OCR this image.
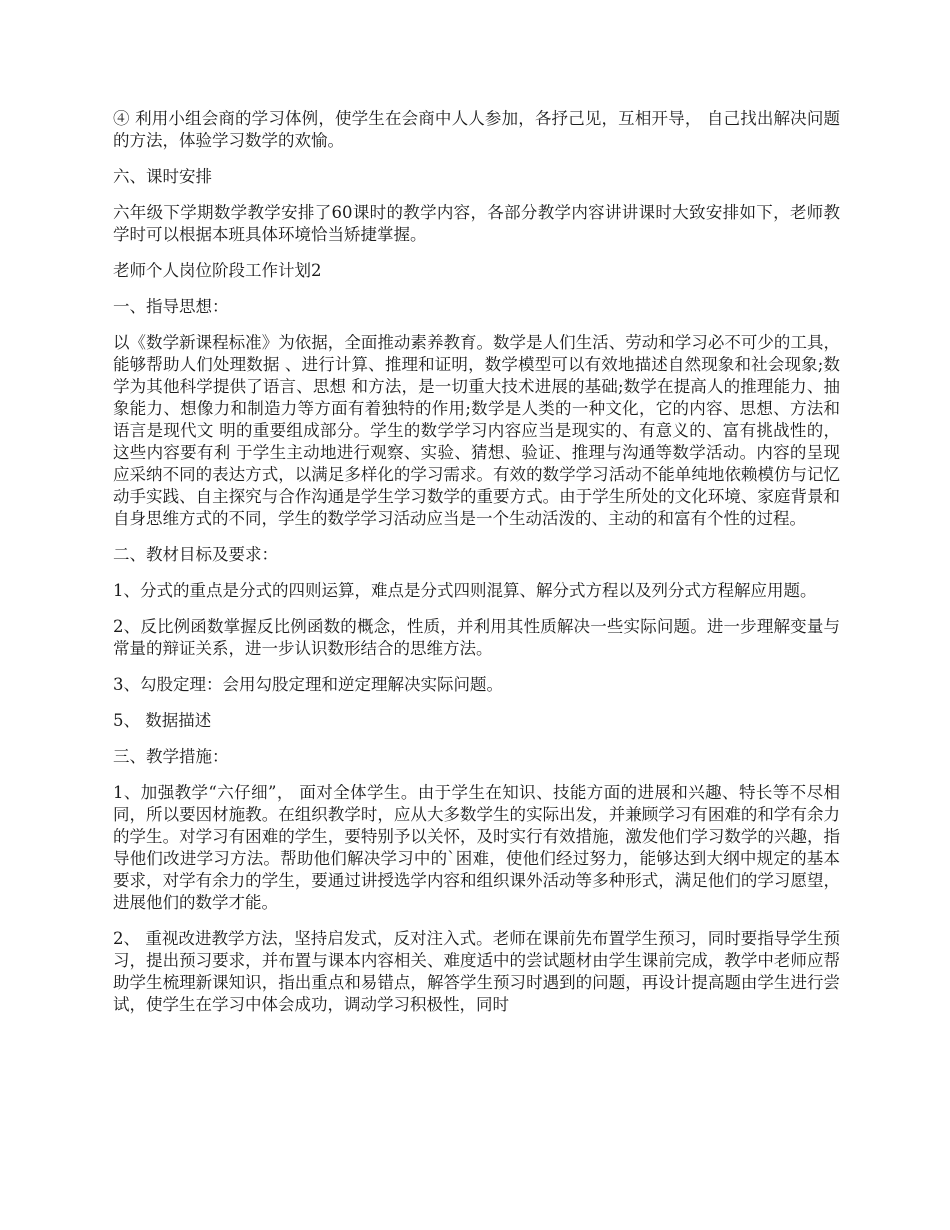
④ 利用小组会商的学习体例，使学生在会商中人人参加，各抒己见，互相开导， 自己找出解决问题的方法，体验学习数学的欢愉。

六、课时安排

六年级下学期数学教学安排了60课时的教学内容，各部分教学内容讲讲课时大致安排如下，老师教学时可以根据本班具体环境恰当矫捷掌握。

老师个人岗位阶段工作计划2

一、指导思想：

以《数学新课程标准》为依据，全面推动素养教育。数学是人们生活、劳动和学习必不可少的工具，能够帮助人们处理数据 、进行计算、推理和证明，数学模型可以有效地描述自然现象和社会现象;数学为其他科学提供了语言、思想 和方法，是一切重大技术进展的基础;数学在提高人的推理能力、抽象能力、想像力和制造力等方面有着独特的作用;数学是人类的一种文化，它的内容、思想、方法和语言是现代文 明的重要组成部分。学生的数学学习内容应当是现实的、有意义的、富有挑战性的，这些内容要有利 于学生主动地进行观察、实验、猜想、验证、推理与沟通等数学活动。内容的呈现应采纳不同的表达方式，以满足多样化的学习需求。有效的数学学习活动不能单纯地依赖模仿与记忆动手实践、自主探究与合作沟通是学生学习数学的重要方式。由于学生所处的文化环境、家庭背景和自身思维方式的不同，学生的数学学习活动应当是一个生动活泼的、主动的和富有个性的过程。

二、教材目标及要求：

1、分式的重点是分式的四则运算，难点是分式四则混算、解分式方程以及列分式方程解应用题。

2、反比例函数掌握反比例函数的概念，性质，并利用其性质解决一些实际问题。进一步理解变量与常量的辩证关系，进一步认识数形结合的思维方法。

3、勾股定理：会用勾股定理和逆定理解决实际问题。

5、 数据描述

三、教学措施：

1、加强教学“六仔细”， 面对全体学生。由于学生在知识、技能方面的进展和兴趣、特长等不尽相同，所以要因材施教。在组织教学时，应从大多数学生的实际出发，并兼顾学习有困难的和学有余力的学生。对学习有困难的学生，要特别予以关怀，及时实行有效措施，激发他们学习数学的兴趣，指导他们改进学习方法。帮助他们解决学习中的`困难，使他们经过努力，能够达到大纲中规定的基本要求，对学有余力的学生，要通过讲授选学内容和组织课外活动等多种形式，满足他们的学习愿望，进展他们的数学才能。

2、 重视改进教学方法，坚持启发式，反对注入式。老师在课前先布置学生预习，同时要指导学生预习，提出预习要求，并布置与课本内容相关、难度适中的尝试题材由学生课前完成，教学中老师应帮助学生梳理新课知识，指出重点和易错点，解答学生预习时遇到的问题，再设计提高题由学生进行尝试，使学生在学习中体会成功，调动学习积极性，同时
